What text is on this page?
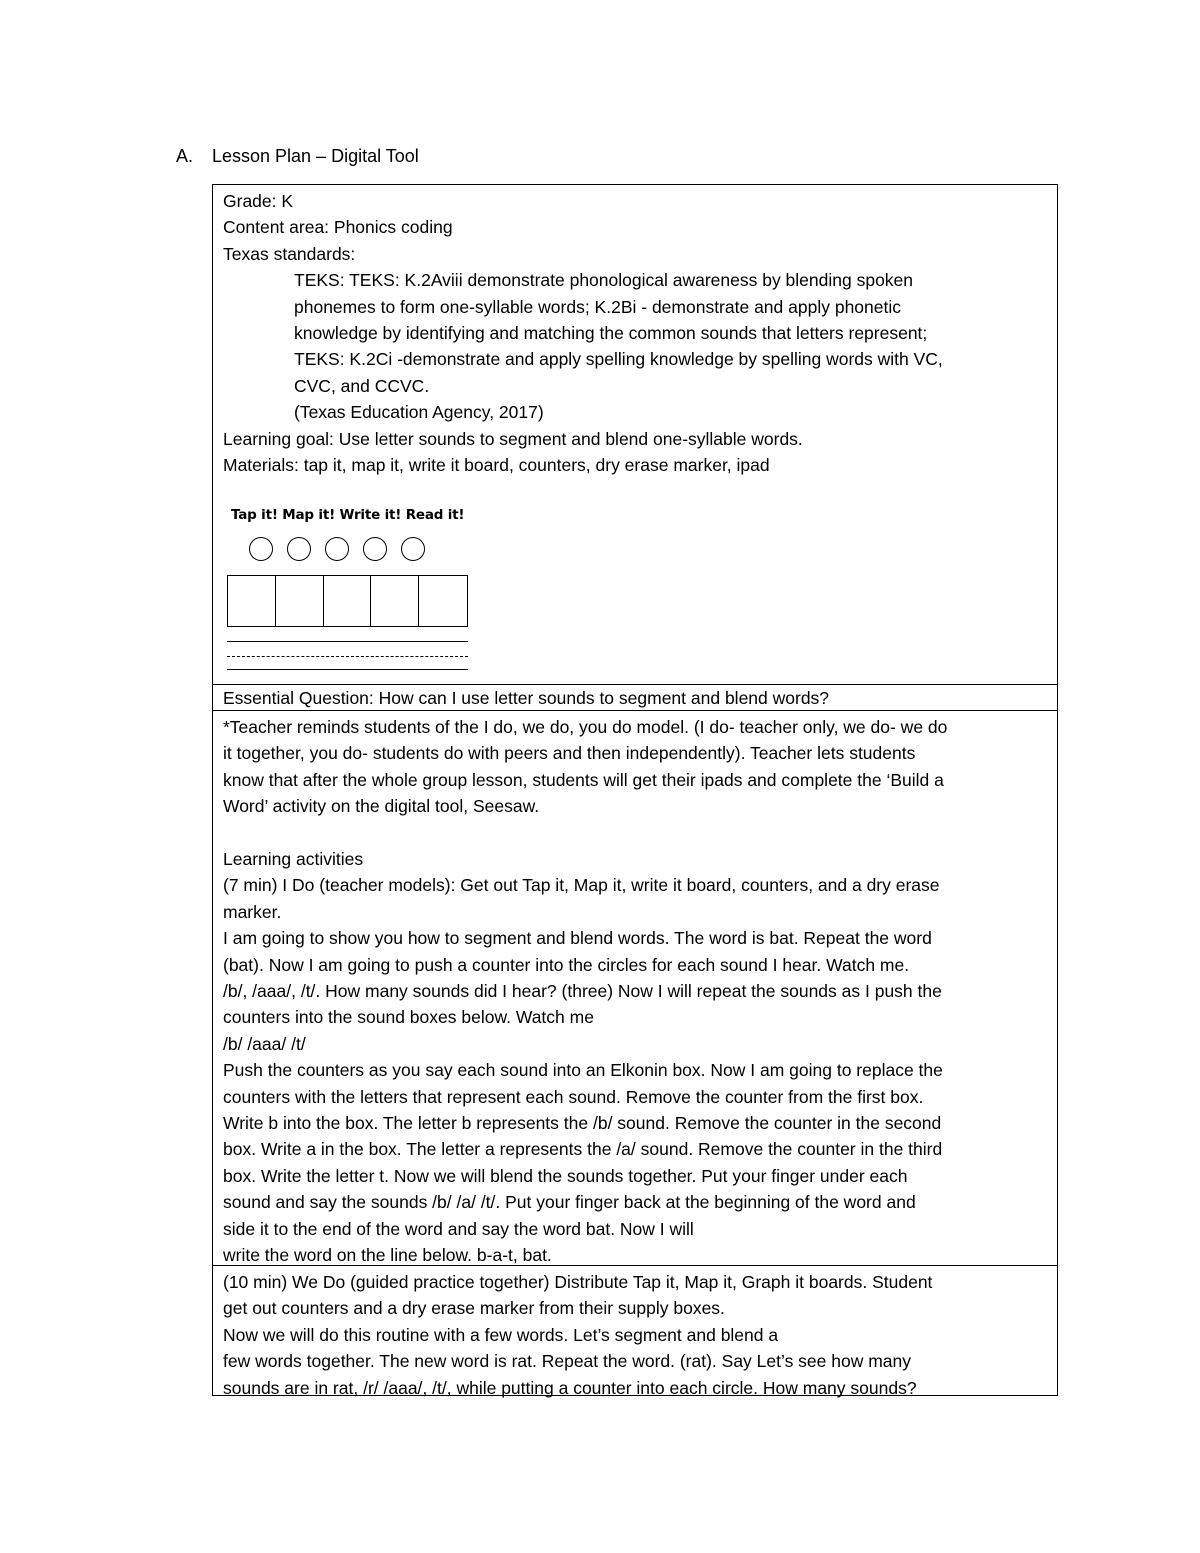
A. Lesson Plan – Digital Tool

Grade: K

Content area: Phonics coding

Texas standards:

TEKS: TEKS: K.2Aviii demonstrate phonological awareness by blending spoken

phonemes to form one-syllable words; K.2Bi - demonstrate and apply phonetic

knowledge by identifying and matching the common sounds that letters represent;

TEKS: K.2Ci -demonstrate and apply spelling knowledge by spelling words with VC,

CVC, and CCVC.

(Texas Education Agency, 2017)

Learning goal: Use letter sounds to segment and blend one-syllable words.

Materials: tap it, map it, write it board, counters, dry erase marker, ipad

Tap it! Map it! Write it! Read it!

Essential Question: How can I use letter sounds to segment and blend words?

*Teacher reminds students of the I do, we do, you do model. (I do- teacher only, we do- we do

it together, you do- students do with peers and then independently). Teacher lets students

know that after the whole group lesson, students will get their ipads and complete the ‘Build a

Word’ activity on the digital tool, Seesaw.

Learning activities

(7 min) I Do (teacher models): Get out Tap it, Map it, write it board, counters, and a dry erase

marker.

I am going to show you how to segment and blend words. The word is bat. Repeat the word

(bat). Now I am going to push a counter into the circles for each sound I hear. Watch me.

/b/, /aaa/, /t/. How many sounds did I hear? (three) Now I will repeat the sounds as I push the

counters into the sound boxes below. Watch me

/b/ /aaa/ /t/

Push the counters as you say each sound into an Elkonin box. Now I am going to replace the

counters with the letters that represent each sound. Remove the counter from the first box.

Write b into the box. The letter b represents the /b/ sound. Remove the counter in the second

box. Write a in the box. The letter a represents the /a/ sound. Remove the counter in the third

box. Write the letter t. Now we will blend the sounds together. Put your finger under each

sound and say the sounds /b/ /a/ /t/. Put your finger back at the beginning of the word and

side it to the end of the word and say the word bat. Now I will

write the word on the line below. b-a-t, bat.

(10 min) We Do (guided practice together) Distribute Tap it, Map it, Graph it boards. Student

get out counters and a dry erase marker from their supply boxes.

Now we will do this routine with a few words. Let’s segment and blend a

few words together. The new word is rat. Repeat the word. (rat). Say Let’s see how many

sounds are in rat, /r/ /aaa/, /t/, while putting a counter into each circle. How many sounds?
